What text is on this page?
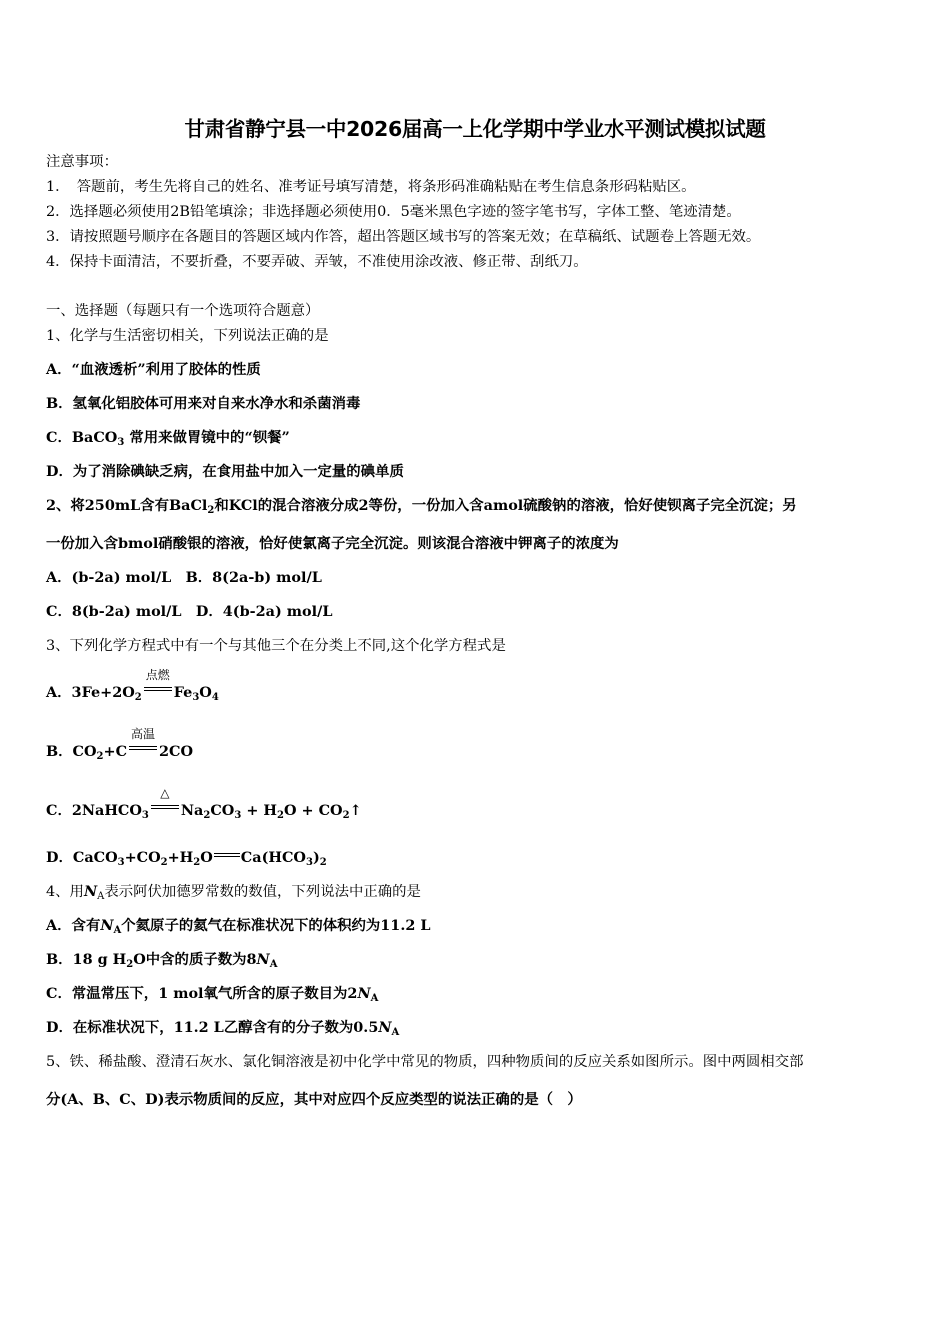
甘肃省静宁县一中2026届高一上化学期中学业水平测试模拟试题
注意事项：
1．　答题前，考生先将自己的姓名、准考证号填写清楚，将条形码准确粘贴在考生信息条形码粘贴区。
2．选择题必须使用2B铅笔填涂；非选择题必须使用0．5毫米黑色字迹的签字笔书写，字体工整、笔迹清楚。
3．请按照题号顺序在各题目的答题区域内作答，超出答题区域书写的答案无效；在草稿纸、试题卷上答题无效。
4．保持卡面清洁，不要折叠，不要弄破、弄皱，不准使用涂改液、修正带、刮纸刀。
一、选择题（每题只有一个选项符合题意）
1、化学与生活密切相关，下列说法正确的是
A．“血液透析”利用了胶体的性质
B．氢氧化铝胶体可用来对自来水净水和杀菌消毒
C．BaCO$_3$ 常用来做胃镜中的“钡餐”
D．为了消除碘缺乏病，在食用盐中加入一定量的碘单质
2、将250mL含有BaCl$_2$和KCl的混合溶液分成2等份，一份加入含amol硫酸钠的溶液，恰好使钡离子完全沉淀；另
一份加入含bmol硝酸银的溶液，恰好使氯离子完全沉淀。则该混合溶液中钾离子的浓度为
A．(b-2a) mol/L　B．8(2a-b) mol/L
C．8(b-2a) mol/L　D．4(b-2a) mol/L
3、下列化学方程式中有一个与其他三个在分类上不同,这个化学方程式是
A．$3Fe+2O_2$
点燃
$Fe_3O_4$
B．$CO_2+C$
高温
2CO
C．2NaHCO$_3$
△
$Na_2CO_3 + H_2O$ + $CO_2↑$
D．$CaCO_3+CO_2+H_2O$ $Ca(HCO_3)_2$
4、用$N_A$表示阿伏加德罗常数的数值，下列说法中正确的是
A．含有$N_A$个氦原子的氦气在标准状况下的体积约为11.2 L
B．18 g $H_2O$中含的质子数为$8N_A$
C．常温常压下，1 mol氧气所含的原子数目为$2N_A$
D．在标准状况下，11.2 L乙醇含有的分子数为$0.5N_A$
5、铁、稀盐酸、澄清石灰水、氯化铜溶液是初中化学中常见的物质，四种物质间的反应关系如图所示。图中两圆相交部
分(A、B、C、D)表示物质间的反应，其中对应四个反应类型的说法正确的是（　）
